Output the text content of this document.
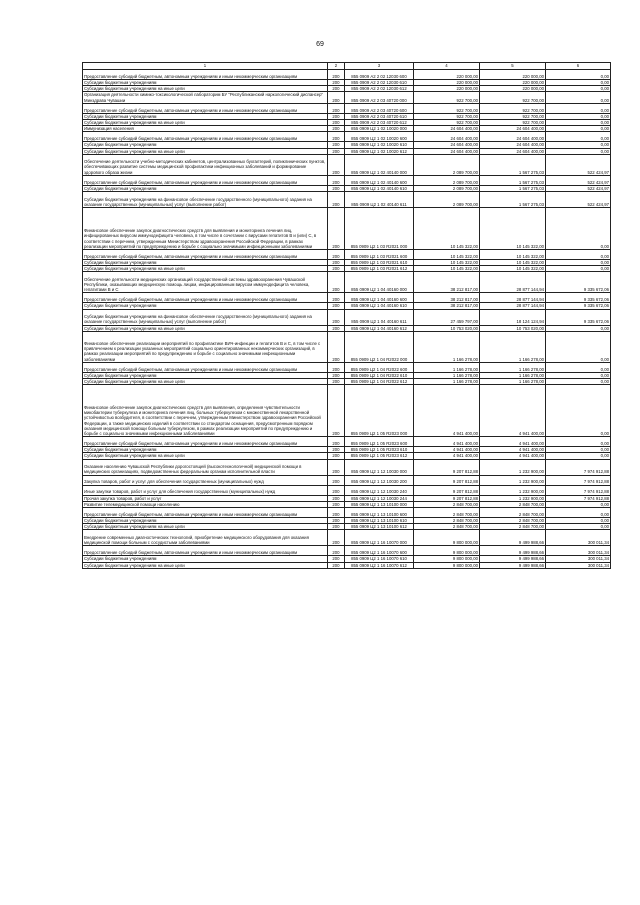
69
1	2	3	4	5	6
Предоставление субсидий бюджетным, автономным учреждениям и иным некоммерческим организациям	200	855 0909 А2 2 02 12030 600	220 000,00	220 000,00	0,00
Субсидии бюджетным учреждениям	200	855 0909 А2 2 02 12030 610	220 000,00	220 000,00	0,00
Субсидии бюджетным учреждениям на иные цели	200	855 0909 А2 2 02 12030 612	220 000,00	220 000,00	0,00
Организация деятельности химико-токсикологической лабораторим БУ "Республиканский наркологический диспансер" Минздрава Чувашии	200	855 0909 А2 2 03 40720 000	922 700,00	922 700,00	0,00
Предоставление субсидий бюджетным, автономным учреждениям и иным некоммерческим организациям	200	855 0909 А2 2 03 40720 600	922 700,00	922 700,00	0,00
Субсидии бюджетным учреждениям	200	855 0909 А2 2 03 40720 610	922 700,00	922 700,00	0,00
Субсидии бюджетным учреждениям на иные цели	200	855 0909 А2 2 03 40720 612	922 700,00	922 700,00	0,00
Иммунизация населения	200	855 0909 Ц2 1 02 10020 000	24 604 400,00	24 604 400,00	0,00
Предоставление субсидий бюджетным, автономным учреждениям и иным некоммерческим организациям	200	855 0909 Ц2 1 02 10020 600	24 604 400,00	24 604 400,00	0,00
Субсидии бюджетным учреждениям	200	855 0909 Ц2 1 02 10020 610	24 604 400,00	24 604 400,00	0,00
Субсидии бюджетным учреждениям на иные цели	200	855 0909 Ц2 1 02 10020 612	24 604 400,00	24 604 400,00	0,00
Обеспечение деятельности учебно-методических кабинетов, централизованных бухгалтерий, поликлинических пунктов, обеспечивающих развитие системы медицинской профилактики инфекционных заболеваний и формирование здорового образа жизни	200	855 0909 Ц2 1 02 40140 000	2 089 700,00	1 567 275,03	522 424,97
Предоставление субсидий бюджетным, автономным учреждениям и иным некоммерческим организациям	200	855 0909 Ц2 1 02 40140 600	2 089 700,00	1 567 275,03	522 424,97
Субсидии бюджетным учреждениям	200	855 0909 Ц2 1 02 40140 610	2 089 700,00	1 567 275,03	522 424,97
Субсидии бюджетным учреждениям на финансовое обеспечение государственного (муниципального) задания на оказание государственных (муниципальных) услуг (выполнение работ)	200	855 0909 Ц2 1 02 40140 611	2 089 700,00	1 567 275,03	522 424,97
Финансовое обеспечение закупок диагностических средств для выявления и мониторинга лечения лиц, инфицированных вирусом иммунодефицита человека, в том числе в сочетании с вирусами гепатитов B и (или) C, в соответствии с перечнем, утвержденным Министерством здравоохранения Российской Федерации, в рамках реализации мероприятий по предупреждению и борьбе с социально значимыми инфекционными заболеваниями	200	855 0909 Ц2 1 03 R2021 000	10 145 322,00	10 145 322,00	0,00
Предоставление субсидий бюджетным, автономным учреждениям и иным некоммерческим организациям	200	855 0909 Ц2 1 03 R2021 600	10 145 322,00	10 145 322,00	0,00
Субсидии бюджетным учреждениям	200	855 0909 Ц2 1 03 R2021 610	10 145 322,00	10 145 322,00	0,00
Субсидии бюджетным учреждениям на иные цели	200	855 0909 Ц2 1 03 R2021 612	10 145 322,00	10 145 322,00	0,00
Обеспечение деятельности медицинских организаций государственной системы здравоохранения Чувашской Республики, оказывающих медицинскую помощь лицам, инфицированным вирусом иммунодефицита человека, гепатитами B и C	200	855 0909 Ц2 1 04 40160 000	38 212 817,00	28 877 144,94	9 335 672,06
Предоставление субсидий бюджетным, автономным учреждениям и иным некоммерческим организациям	200	855 0909 Ц2 1 04 40160 600	38 212 817,00	28 877 144,94	9 335 672,06
Субсидии бюджетным учреждениям	200	855 0909 Ц2 1 04 40160 610	38 212 817,00	28 877 144,94	9 335 672,06
Субсидии бюджетным учреждениям на финансовое обеспечение государственного (муниципального) задания на оказание государственных (муниципальных) услуг (выполнение работ)	200	855 0909 Ц2 1 04 40160 611	27 459 797,00	18 124 124,94	9 335 672,06
Субсидии бюджетным учреждениям на иные цели	200	855 0909 Ц2 1 04 40160 612	10 753 020,00	10 753 020,00	0,00
Финансовое обеспечение реализации мероприятий по профилактике ВИЧ-инфекции и гепатитов B и C, в том числе с привлечением к реализации указанных мероприятий социально ориентированных некоммерческих организаций, в рамках реализации мероприятий по предупреждению и борьбе с социально значимыми инфекционными заболеваниями	200	855 0909 Ц2 1 04 R2022 000	1 166 278,00	1 166 278,00	0,00
Предоставление субсидий бюджетным, автономным учреждениям и иным некоммерческим организациям	200	855 0909 Ц2 1 04 R2022 600	1 166 278,00	1 166 278,00	0,00
Субсидии бюджетным учреждениям	200	855 0909 Ц2 1 04 R2022 610	1 166 278,00	1 166 278,00	0,00
Субсидии бюджетным учреждениям на иные цели	200	855 0909 Ц2 1 04 R2022 612	1 166 278,00	1 166 278,00	0,00
Финансовое обеспечение закупок диагностических средств для выявления, определения чувствительности микобактерии туберкулеза и мониторинга лечения лиц, больных туберкулезом с множественной лекарственной устойчивостью возбудителя, в соответствии с перечнем, утвержденным Министерством здравоохранения Российской Федерации, а также медицинских изделий в соответствии со стандартом оснащения, предусмотренным порядком оказания медицинской помощи больным туберкулезом, в рамках реализации мероприятий по предупреждению и борьбе с социально значимыми инфекционными заболеваниями	200	855 0909 Ц2 1 05 R2023 000	4 941 400,00	4 941 400,00	0,00
Предоставление субсидий бюджетным, автономным учреждениям и иным некоммерческим организациям	200	855 0909 Ц2 1 05 R2023 600	4 941 400,00	4 941 400,00	0,00
Субсидии бюджетным учреждениям	200	855 0909 Ц2 1 05 R2023 610	4 941 400,00	4 941 400,00	0,00
Субсидии бюджетным учреждениям на иные цели	200	855 0909 Ц2 1 05 R2023 612	4 941 400,00	4 941 400,00	0,00
Оказание населению Чувашской Республики дорогостоящей (высокотехнологичной) медицинской помощи в медицинских организациях, подведомственных федеральным органам исполнительной власти	200	855 0909 Ц2 1 12 10030 000	9 207 812,88	1 232 900,00	7 974 912,88
Закупка товаров, работ и услуг для обеспечения государственных (муниципальных) нужд	200	855 0909 Ц2 1 12 10030 200	9 207 812,88	1 232 900,00	7 974 912,88
Иные закупки товаров, работ и услуг для обеспечения государственных (муниципальных) нужд	200	855 0909 Ц2 1 12 10030 240	9 207 812,88	1 232 900,00	7 974 912,88
Прочая закупка товаров, работ и услуг	200	855 0909 Ц2 1 12 10030 244	9 207 812,88	1 232 900,00	7 974 912,88
Развитие телемедицинской помощи населению	200	855 0909 Ц2 1 13 10100 000	2 848 700,00	2 848 700,00	0,00
Предоставление субсидий бюджетным, автономным учреждениям и иным некоммерческим организациям	200	855 0909 Ц2 1 13 10100 600	2 848 700,00	2 848 700,00	0,00
Субсидии бюджетным учреждениям	200	855 0909 Ц2 1 13 10100 610	2 848 700,00	2 848 700,00	0,00
Субсидии бюджетным учреждениям на иные цели	200	855 0909 Ц2 1 13 10100 612	2 848 700,00	2 848 700,00	0,00
Внедрение современных диагностических технологий, приобретение медицинского оборудования для оказания медицинской помощи больным с сосудистыми заболеваниями	200	855 0909 Ц2 1 16 10070 000	9 800 000,00	9 499 988,66	300 011,34
Предоставление субсидий бюджетным, автономным учреждениям и иным некоммерческим организациям	200	855 0909 Ц2 1 16 10070 600	9 800 000,00	9 499 988,66	300 011,34
Субсидии бюджетным учреждениям	200	855 0909 Ц2 1 16 10070 610	9 800 000,00	9 499 988,66	300 011,34
Субсидии бюджетным учреждениям на иные цели	200	855 0909 Ц2 1 16 10070 612	9 800 000,00	9 499 988,66	300 011,34
